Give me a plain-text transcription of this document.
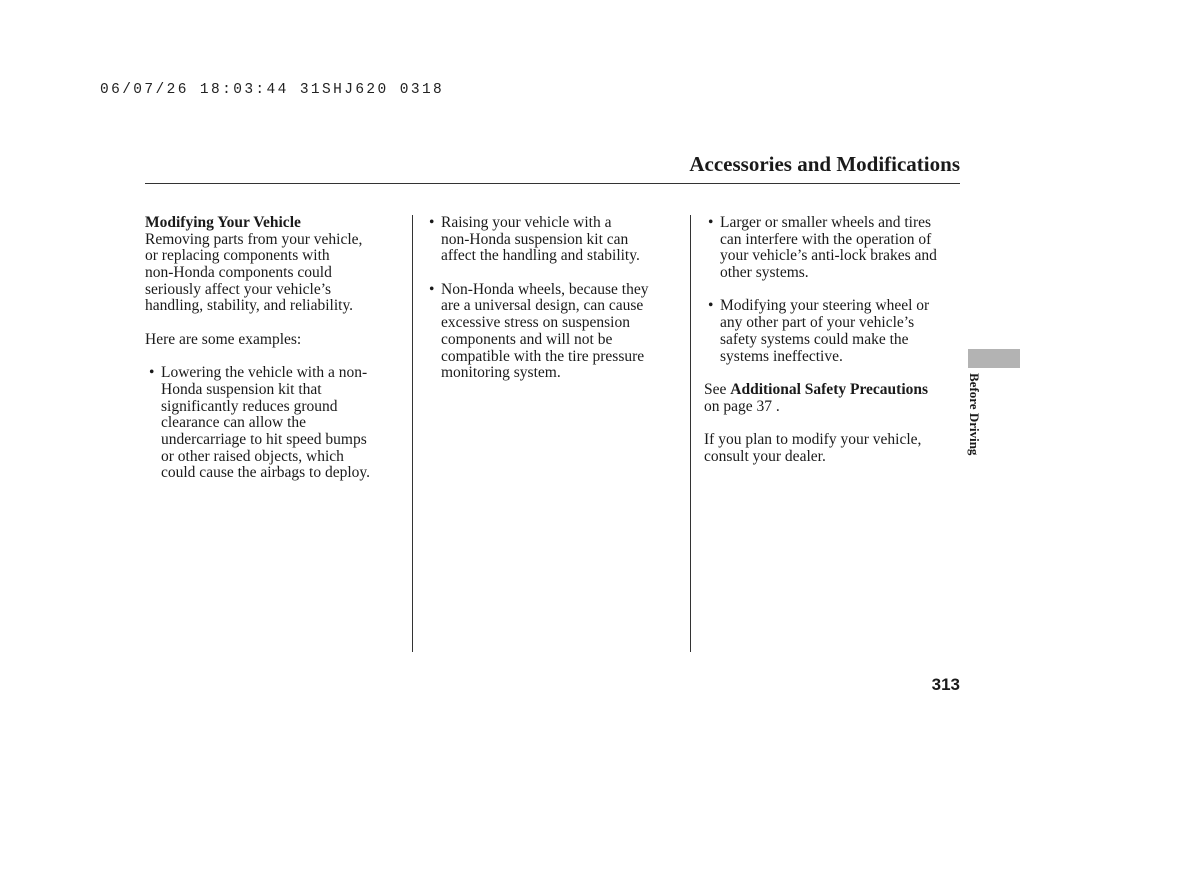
06/07/26 18:03:44 31SHJ620 0318
Accessories and Modifications
Modifying Your Vehicle
Removing parts from your vehicle,
or replacing components with
non-Honda components could
seriously affect your vehicle’s
handling, stability, and reliability.
Here are some examples:
• Lowering the vehicle with a non-
Honda suspension kit that
significantly reduces ground
clearance can allow the
undercarriage to hit speed bumps
or other raised objects, which
could cause the airbags to deploy.
• Raising your vehicle with a
non-Honda suspension kit can
affect the handling and stability.
• Non-Honda wheels, because they
are a universal design, can cause
excessive stress on suspension
components and will not be
compatible with the tire pressure
monitoring system.
• Larger or smaller wheels and tires
can interfere with the operation of
your vehicle’s anti-lock brakes and
other systems.
• Modifying your steering wheel or
any other part of your vehicle’s
safety systems could make the
systems ineffective.
See Additional Safety Precautions
on page 37 .
If you plan to modify your vehicle,
consult your dealer.
Before Driving
313
